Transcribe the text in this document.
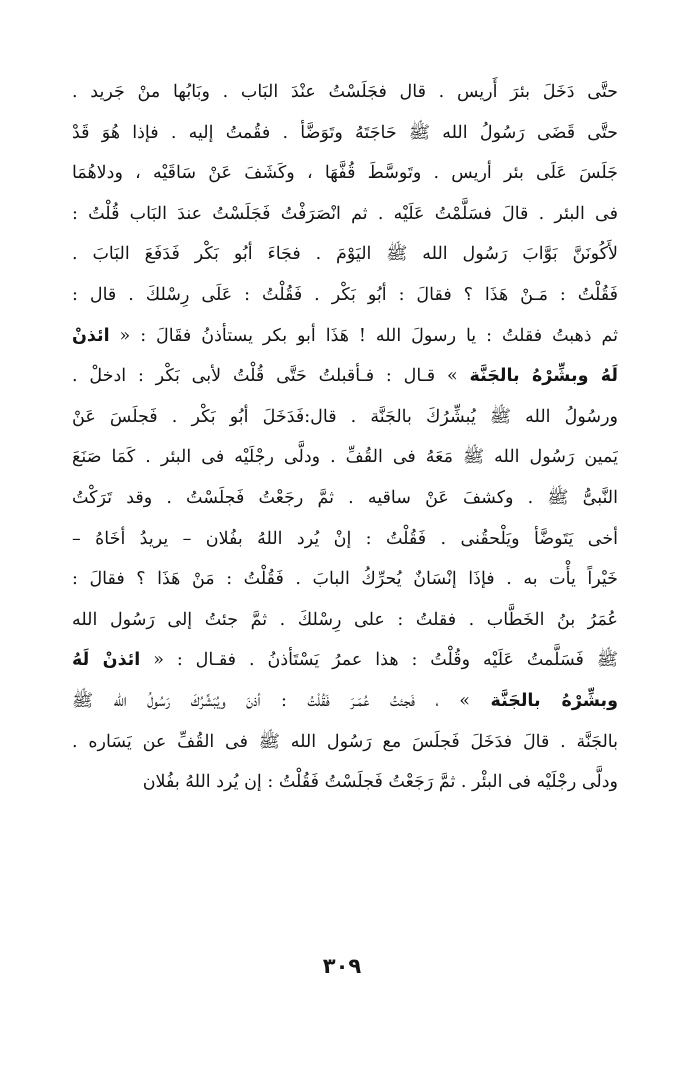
حتَّى دَخَلَ بئرَ أَريس . قال فجَلَسْتُ عنْدَ البَاب . وبَابُها منْ جَريد .
حتَّى قَضَى رَسُولُ الله ﷺ حَاجَتَهُ وتَوَضَّأ . فقُمتُ إليه . فإذا هُوَ قَدْ
جَلَسَ عَلَى بئر أريس . وتَوسَّطَ قُفَّهَا ، وكَشَفَ عَنْ سَاقَيْه ، ودلاهُمَا
فى البئر . قالَ فسَلَّمْتُ عَلَيْه . ثم انْصَرَفْتُ فَجَلَسْتُ عندَ البَاب قُلْتُ :
لأَكُونَنَّ بَوَّابَ رَسُول الله ﷺ اليَوْمَ . فجَاءَ أبُو بَكْر فَدَفَعَ البَابَ .
فَقُلْتُ : مَـنْ هَذَا ؟ فقالَ : أبُو بَكْر . فَقُلْتُ : عَلَى رِسْلكَ . قال :
ثم ذهبتُ فقلتُ : يا رسولَ الله ! هَذَا أبو بكر يستأذنُ فقَالَ : « ائذنْ
لَهُ وبشِّرْهُ بالجَنَّة » قـال : فـأقبلتُ حَتَّى قُلْتُ لأبى بَكْر : ادخلْ .
ورسُولُ الله ﷺ يُبشِّرُكَ بالجَنَّة . قال:فَدَخَلَ أبُو بَكْر . فَجلَسَ عَنْ
يَمين رَسُول الله ﷺ مَعَهُ فى القُفِّ . ودلَّى رجْلَيْه فى البئر . كَمَا صَنَعَ
النَّبىُّ ﷺ . وكشفَ عَنْ ساقيه . ثمَّ رجَعْتُ فَجلَسْتُ . وقد تَرَكْتُ
أخى يَتَوضَّأ ويَلْحقُنى . فَقُلْتُ : إنْ يُرد اللهُ بفُلان – يريدُ أخَاهُ –
خَيْراً يأْت به . فإذَا إنْسَانٌ يُحرِّكُ البابَ . فَقُلْتُ : مَنْ هَذَا ؟ فقالَ :
عُمَرُ بنُ الخَطَّاب . فقلتُ : على رِسْلكَ . ثمَّ جئتُ إلى رَسُول الله
ﷺ فَسَلَّمتُ عَلَيْه وقُلْتُ : هذا عمرُ يَسْتَأذنُ . فقـال : « ائذنْ لَهُ
وبشِّرْهُ بالجَنَّة » ، فَجئتُ عُمَـرَ فَقُلْتُ : أذنَ ويُبَشِّرُكَ رَسُولُ الله ﷺ
بالجَنَّة . قالَ فدَخَلَ فَجلَسَ مع رَسُول الله ﷺ فى القُفِّ عن يَسَاره .
ودلَّى رجْلَيْه فى البئْر . ثمَّ رَجَعْتُ فَجلَسْتُ فَقُلْتُ : إن يُرد اللهُ بفُلان
٣٠٩
